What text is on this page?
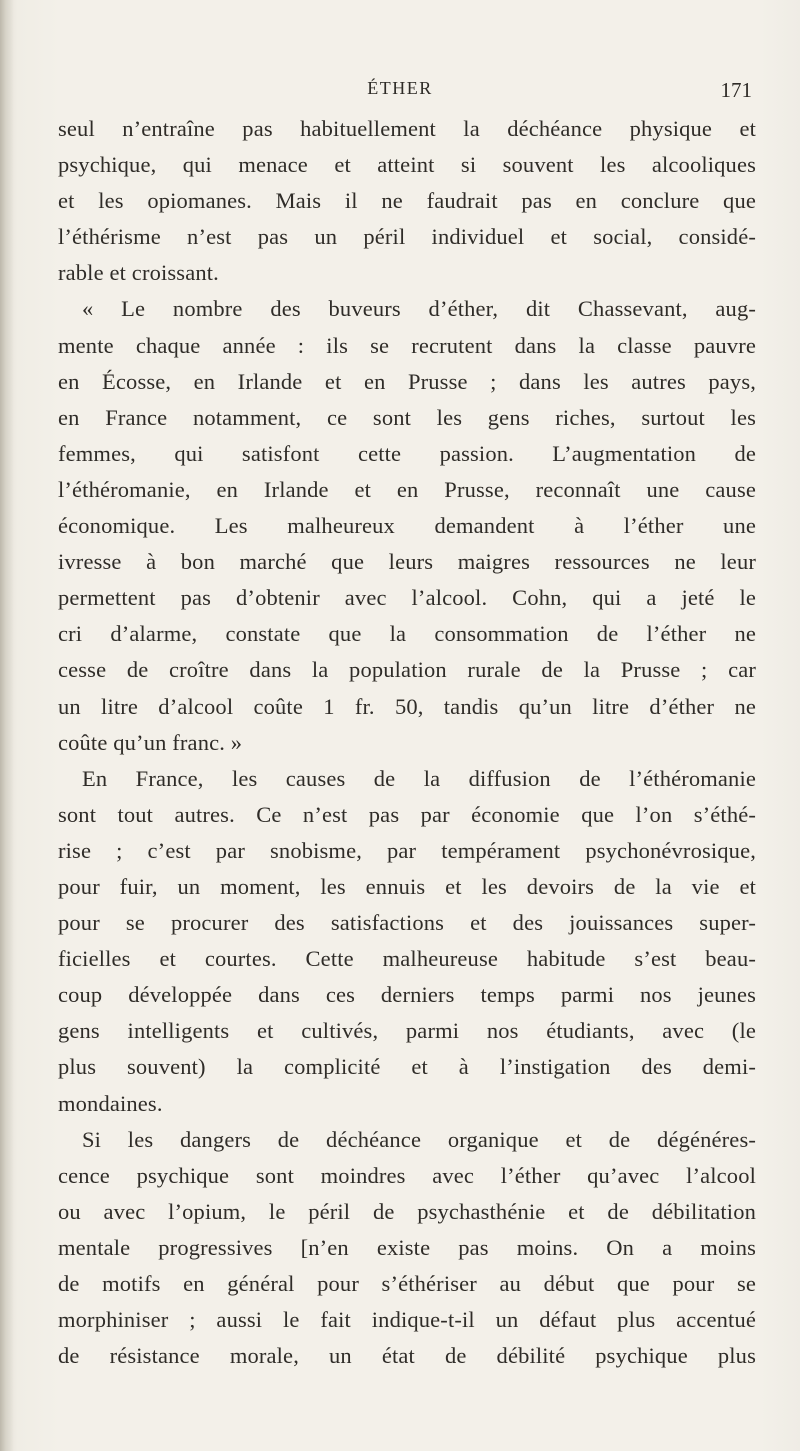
ÉTHER	171
seul n’entraîne pas habituellement la déchéance physique et
psychique, qui menace et atteint si souvent les alcooliques
et les opiomanes. Mais il ne faudrait pas en conclure que
l’éthérisme n’est pas un péril individuel et social, considé-
rable et croissant.
« Le nombre des buveurs d’éther, dit Chassevant, aug-
mente chaque année : ils se recrutent dans la classe pauvre
en Écosse, en Irlande et en Prusse ; dans les autres pays,
en France notamment, ce sont les gens riches, surtout les
femmes, qui satisfont cette passion. L’augmentation de
l’éthéromanie, en Irlande et en Prusse, reconnaît une cause
économique. Les malheureux demandent à l’éther une
ivresse à bon marché que leurs maigres ressources ne leur
permettent pas d’obtenir avec l’alcool. Cohn, qui a jeté le
cri d’alarme, constate que la consommation de l’éther ne
cesse de croître dans la population rurale de la Prusse ; car
un litre d’alcool coûte 1 fr. 50, tandis qu’un litre d’éther ne
coûte qu’un franc. »
En France, les causes de la diffusion de l’éthéromanie
sont tout autres. Ce n’est pas par économie que l’on s’éthé-
rise ; c’est par snobisme, par tempérament psychonévrosique,
pour fuir, un moment, les ennuis et les devoirs de la vie et
pour se procurer des satisfactions et des jouissances super-
ficielles et courtes. Cette malheureuse habitude s’est beau-
coup développée dans ces derniers temps parmi nos jeunes
gens intelligents et cultivés, parmi nos étudiants, avec (le
plus souvent) la complicité et à l’instigation des demi-
mondaines.
Si les dangers de déchéance organique et de dégénéres-
cence psychique sont moindres avec l’éther qu’avec l’alcool
ou avec l’opium, le péril de psychasthénie et de débilitation
mentale progressives [n’en existe pas moins. On a moins
de motifs en général pour s’éthériser au début que pour se
morphiniser ; aussi le fait indique-t-il un défaut plus accentué
de résistance morale, un état de débilité psychique plus
